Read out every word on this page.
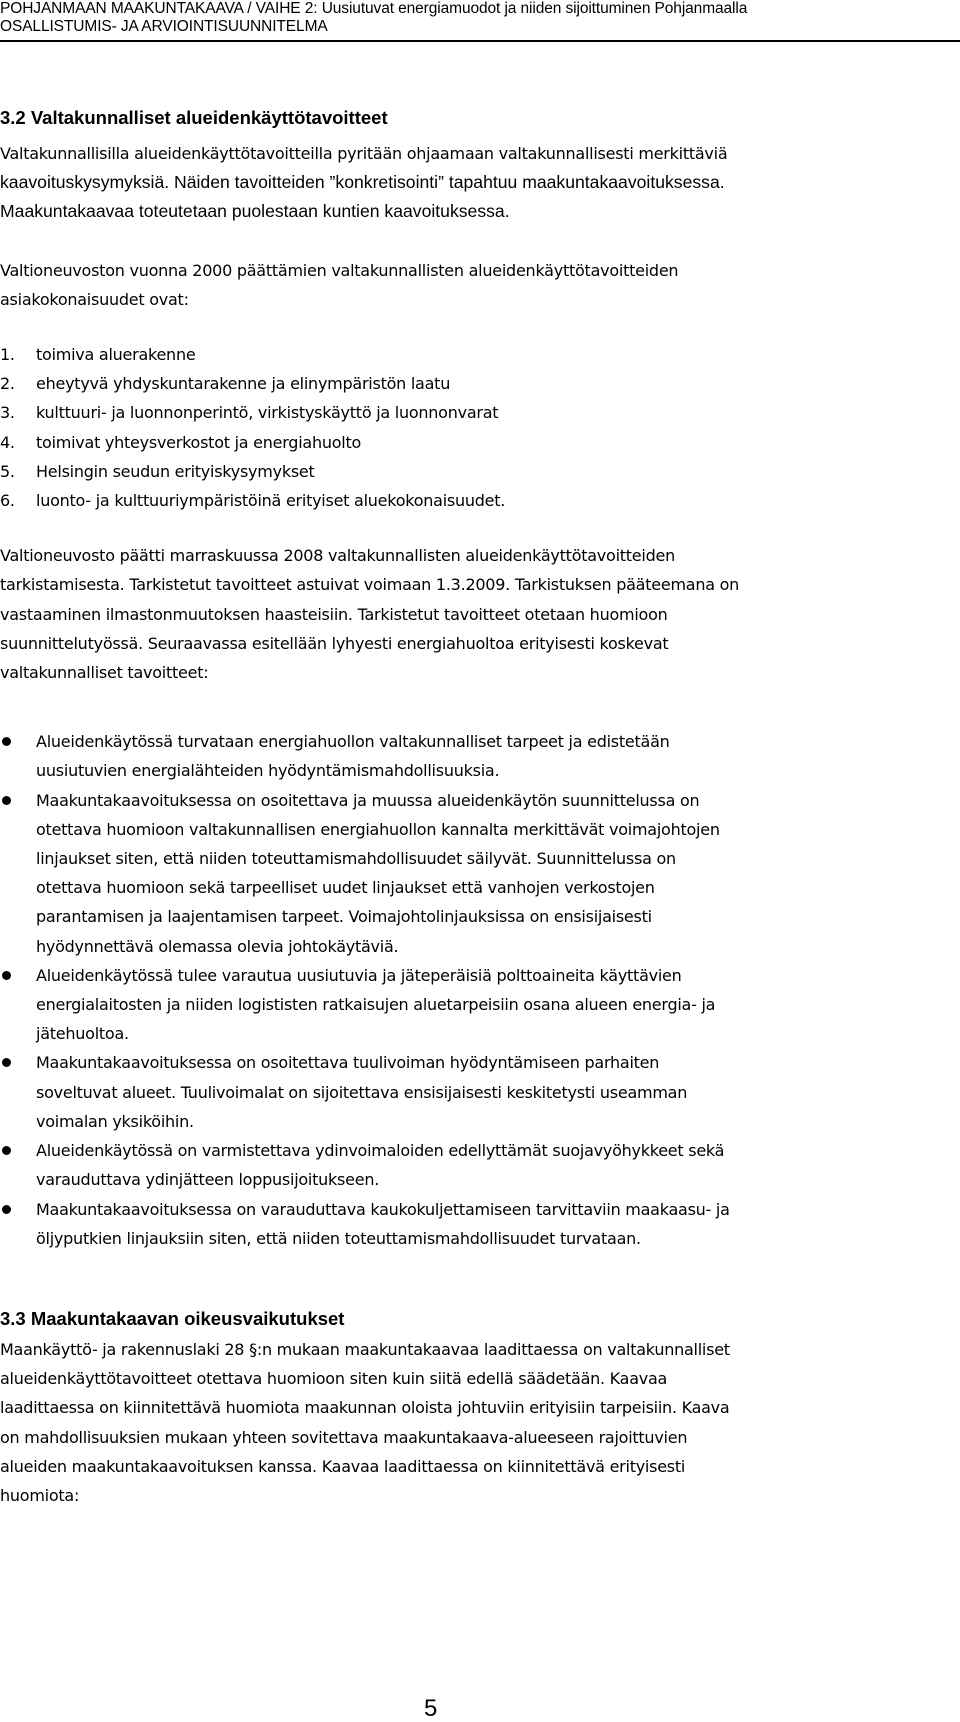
POHJANMAAN MAAKUNTAKAAVA / VAIHE 2: Uusiutuvat energiamuodot ja niiden sijoittuminen Pohjanmaalla
OSALLISTUMIS- JA ARVIOINTISUUNNITELMA
3.2 Valtakunnalliset alueidenkäyttötavoitteet
Valtakunnallisilla alueidenkäyttötavoitteilla pyritään ohjaamaan valtakunnallisesti merkittäviä
kaavoituskysymyksiä. Näiden tavoitteiden ”konkretisointi” tapahtuu maakuntakaavoituksessa.
Maakuntakaavaa toteutetaan puolestaan kuntien kaavoituksessa.
Valtioneuvoston vuonna 2000 päättämien valtakunnallisten alueidenkäyttötavoitteiden
asiakokonaisuudet ovat:
1. toimiva aluerakenne
2. eheytyvä yhdyskuntarakenne ja elinympäristön laatu
3. kulttuuri- ja luonnonperintö, virkistyskäyttö ja luonnonvarat
4. toimivat yhteysverkostot ja energiahuolto
5. Helsingin seudun erityiskysymykset
6. luonto- ja kulttuuriympäristöinä erityiset aluekokonaisuudet.
Valtioneuvosto päätti marraskuussa 2008 valtakunnallisten alueidenkäyttötavoitteiden
tarkistamisesta. Tarkistetut tavoitteet astuivat voimaan 1.3.2009. Tarkistuksen pääteemana on
vastaaminen ilmastonmuutoksen haasteisiin. Tarkistetut tavoitteet otetaan huomioon
suunnittelutyössä. Seuraavassa esitellään lyhyesti energiahuoltoa erityisesti koskevat
valtakunnalliset tavoitteet:
Alueidenkäytössä turvataan energiahuollon valtakunnalliset tarpeet ja edistetään
uusiutuvien energialähteiden hyödyntämismahdollisuuksia.
Maakuntakaavoituksessa on osoitettava ja muussa alueidenkäytön suunnittelussa on
otettava huomioon valtakunnallisen energiahuollon kannalta merkittävät voimajohtojen
linjaukset siten, että niiden toteuttamismahdollisuudet säilyvät. Suunnittelussa on
otettava huomioon sekä tarpeelliset uudet linjaukset että vanhojen verkostojen
parantamisen ja laajentamisen tarpeet. Voimajohtolinjauksissa on ensisijaisesti
hyödynnettävä olemassa olevia johtokäytäviä.
Alueidenkäytössä tulee varautua uusiutuvia ja jäteperäisiä polttoaineita käyttävien
energialaitosten ja niiden logististen ratkaisujen aluetarpeisiin osana alueen energia- ja
jätehuoltoa.
Maakuntakaavoituksessa on osoitettava tuulivoiman hyödyntämiseen parhaiten
soveltuvat alueet. Tuulivoimalat on sijoitettava ensisijaisesti keskitetysti useamman
voimalan yksiköihin.
Alueidenkäytössä on varmistettava ydinvoimaloiden edellyttämät suojavyöhykkeet sekä
varauduttava ydinjätteen loppusijoitukseen.
Maakuntakaavoituksessa on varauduttava kaukokuljettamiseen tarvittaviin maakaasu- ja
öljyputkien linjauksiin siten, että niiden toteuttamismahdollisuudet turvataan.
3.3 Maakuntakaavan oikeusvaikutukset
Maankäyttö- ja rakennuslaki 28 §:n mukaan maakuntakaavaa laadittaessa on valtakunnalliset
alueidenkäyttötavoitteet otettava huomioon siten kuin siitä edellä säädetään. Kaavaa
laadittaessa on kiinnitettävä huomiota maakunnan oloista johtuviin erityisiin tarpeisiin. Kaava
on mahdollisuuksien mukaan yhteen sovitettava maakuntakaava-alueeseen rajoittuvien
alueiden maakuntakaavoituksen kanssa. Kaavaa laadittaessa on kiinnitettävä erityisesti
huomiota:
5
